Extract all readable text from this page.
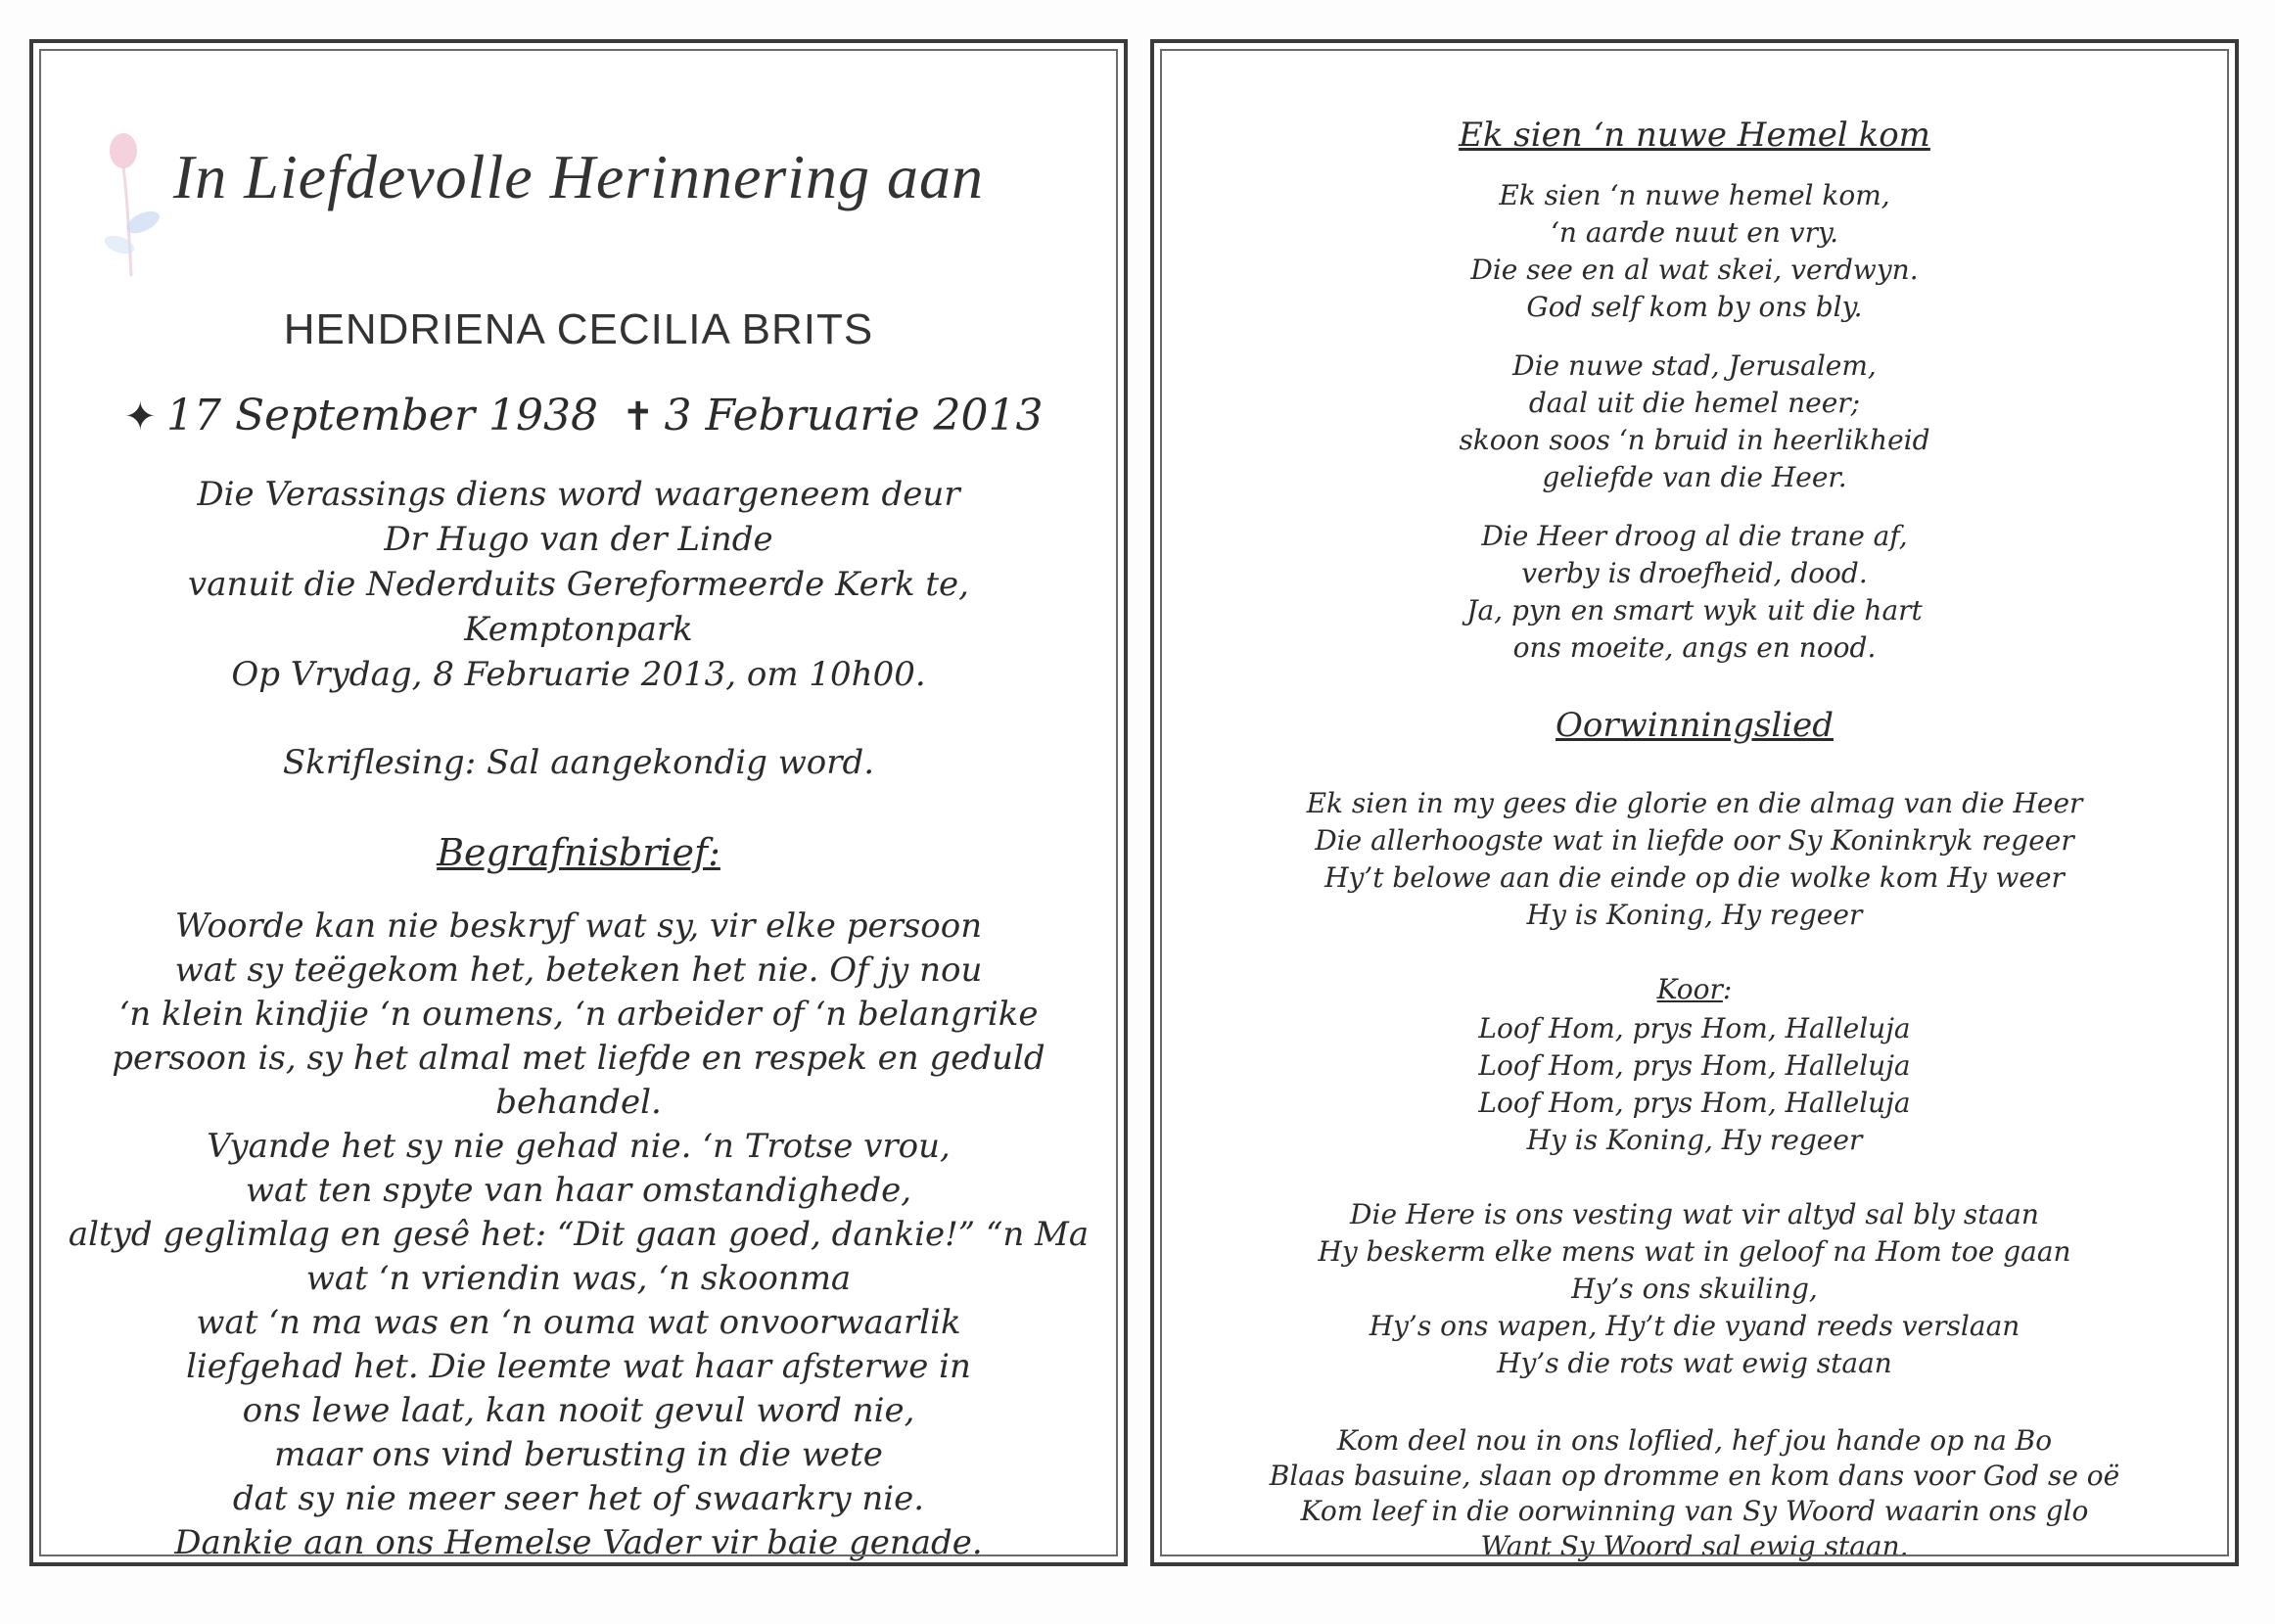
In Liefdevolle Herinnering aan
HENDRIENA CECILIA BRITS
✦ 17 September 1938 ✝ 3 Februarie 2013
Die Verassings diens word waargeneem deur
Dr Hugo van der Linde
vanuit die Nederduits Gereformeerde Kerk te,
Kemptonpark
Op Vrydag, 8 Februarie 2013, om 10h00.
Skriflesing: Sal aangekondig word.
Begrafnisbrief:
Woorde kan nie beskryf wat sy, vir elke persoon
wat sy teëgekom het, beteken het nie. Of jy nou
‘n klein kindjie ‘n oumens, ‘n arbeider of ‘n belangrike
persoon is, sy het almal met liefde en respek en geduld
behandel.
Vyande het sy nie gehad nie. ‘n Trotse vrou,
wat ten spyte van haar omstandighede,
altyd geglimlag en gesê het: “Dit gaan goed, dankie!” “n Ma
wat ‘n vriendin was, ‘n skoonma
wat ‘n ma was en ‘n ouma wat onvoorwaarlik
liefgehad het. Die leemte wat haar afsterwe in
ons lewe laat, kan nooit gevul word nie,
maar ons vind berusting in die wete
dat sy nie meer seer het of swaarkry nie.
Dankie aan ons Hemelse Vader vir baie genade.
Ek sien ‘n nuwe Hemel kom
Ek sien ‘n nuwe hemel kom,
‘n aarde nuut en vry.
Die see en al wat skei, verdwyn.
God self kom by ons bly.
Die nuwe stad, Jerusalem,
daal uit die hemel neer;
skoon soos ‘n bruid in heerlikheid
geliefde van die Heer.
Die Heer droog al die trane af,
verby is droefheid, dood.
Ja, pyn en smart wyk uit die hart
ons moeite, angs en nood.
Oorwinningslied
Ek sien in my gees die glorie en die almag van die Heer
Die allerhoogste wat in liefde oor Sy Koninkryk regeer
Hy’t belowe aan die einde op die wolke kom Hy weer
Hy is Koning, Hy regeer
Koor:
Loof Hom, prys Hom, Halleluja
Loof Hom, prys Hom, Halleluja
Loof Hom, prys Hom, Halleluja
Hy is Koning, Hy regeer
Die Here is ons vesting wat vir altyd sal bly staan
Hy beskerm elke mens wat in geloof na Hom toe gaan
Hy’s ons skuiling,
Hy’s ons wapen, Hy’t die vyand reeds verslaan
Hy’s die rots wat ewig staan
Kom deel nou in ons loflied, hef jou hande op na Bo
Blaas basuine, slaan op dromme en kom dans voor God se oë
Kom leef in die oorwinning van Sy Woord waarin ons glo
Want Sy Woord sal ewig staan.
